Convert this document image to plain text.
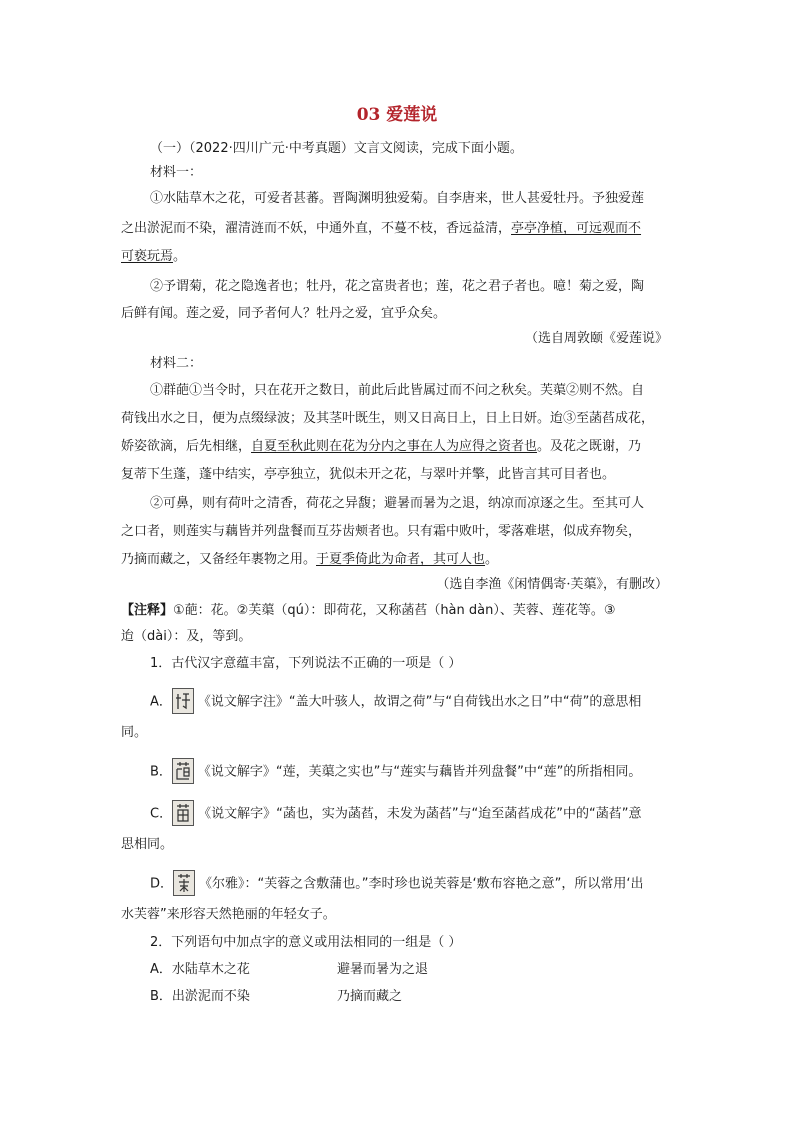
03 爱莲说
（一）（2022·四川广元·中考真题）文言文阅读，完成下面小题。
材料一：
①水陆草木之花，可爱者甚蕃。晋陶渊明独爱菊。自李唐来，世人甚爱牡丹。予独爱莲
之出淤泥而不染，濯清涟而不妖，中通外直，不蔓不枝，香远益清，亭亭净植，可远观而不
可亵玩焉。
②予谓菊，花之隐逸者也；牡丹，花之富贵者也；莲，花之君子者也。噫！菊之爱，陶
后鲜有闻。莲之爱，同予者何人？牡丹之爱，宜乎众矣。
（选自周敦颐《爱莲说》
材料二：
①群葩①当令时，只在花开之数日，前此后此皆属过而不问之秋矣。芙蕖②则不然。自
荷钱出水之日，便为点缀绿波；及其茎叶既生，则又日高日上，日上日妍。迨③至菡萏成花，
娇姿欲滴，后先相继，自夏至秋此则在花为分内之事在人为应得之资者也。及花之既谢，乃
复蒂下生蓬，蓬中结实，亭亭独立，犹似未开之花，与翠叶并擎，此皆言其可目者也。
②可鼻，则有荷叶之清香，荷花之异馥；避暑而暑为之退，纳凉而凉逐之生。至其可人
之口者，则莲实与藕皆并列盘餐而互芬齿颊者也。只有霜中败叶，零落难堪，似成弃物矣，
乃摘而藏之，又备经年裹物之用。于夏季倚此为命者，其可人也。
（选自李渔《闲情偶寄·芙蕖》，有删改）
【注释】①葩：花。②芙蕖（qú）：即荷花，又称菡萏（hàn dàn）、芙蓉、莲花等。③
迨（dài）：及，等到。
1．古代汉字意蕴丰富，下列说法不正确的一项是（ ）
A． 《说文解字注》“盖大叶骇人，故谓之荷”与“自荷钱出水之日”中“荷”的意思相
同。
B． 《说文解字》“莲，芙蕖之实也”与“莲实与藕皆并列盘餐”中“莲”的所指相同。
C． 《说文解字》“菡也，实为菡萏，未发为菡萏”与“迨至菡萏成花”中的“菡萏”意
思相同。
D． 《尔雅》：“芙蓉之含敷蒲也。”李时珍也说芙蓉是‘敷布容艳之意”，所以常用‘出
水芙蓉”来形容天然艳丽的年轻女子。
2．下列语句中加点字的意义或用法相同的一组是（ ）
A．水陆草木之花	避暑而暑为之退
B．出淤泥而不染	乃摘而藏之
